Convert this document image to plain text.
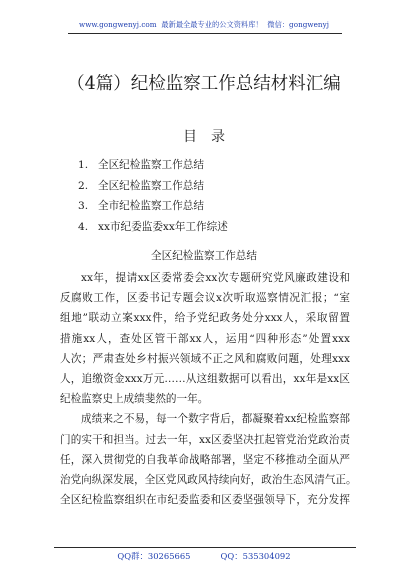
www.gongwenyj.com 最新最全最专业的公文资料库！ 微信：gongwenyj
（4篇）纪检监察工作总结材料汇编
目录
1. 全区纪检监察工作总结
2. 全区纪检监察工作总结
3. 全市纪检监察工作总结
4. xx市纪委监委xx年工作综述
全区纪检监察工作总结
xx年，提请xx区委常委会xx次专题研究党风廉政建设和
反腐败工作，区委书记专题会议x次听取巡察情况汇报；“室
组地”联动立案xxx件，给予党纪政务处分xxx人，采取留置
措施xx人，查处区管干部xx人，运用“四种形态”处置xxx
人次；严肃查处乡村振兴领域不正之风和腐败问题，处理xxx
人，追缴资金xxx万元……从这组数据可以看出，xx年是xx区
纪检监察史上成绩斐然的一年。
成绩来之不易，每一个数字背后，都凝聚着xx纪检监察部
门的实干和担当。过去一年，xx区委坚决扛起管党治党政治责
任，深入贯彻党的自我革命战略部署，坚定不移推动全面从严
治党向纵深发展，全区党风政风持续向好，政治生态风清气正。
全区纪检监察组织在市纪委监委和区委坚强领导下，充分发挥
QQ群：30265665	QQ：535304092
